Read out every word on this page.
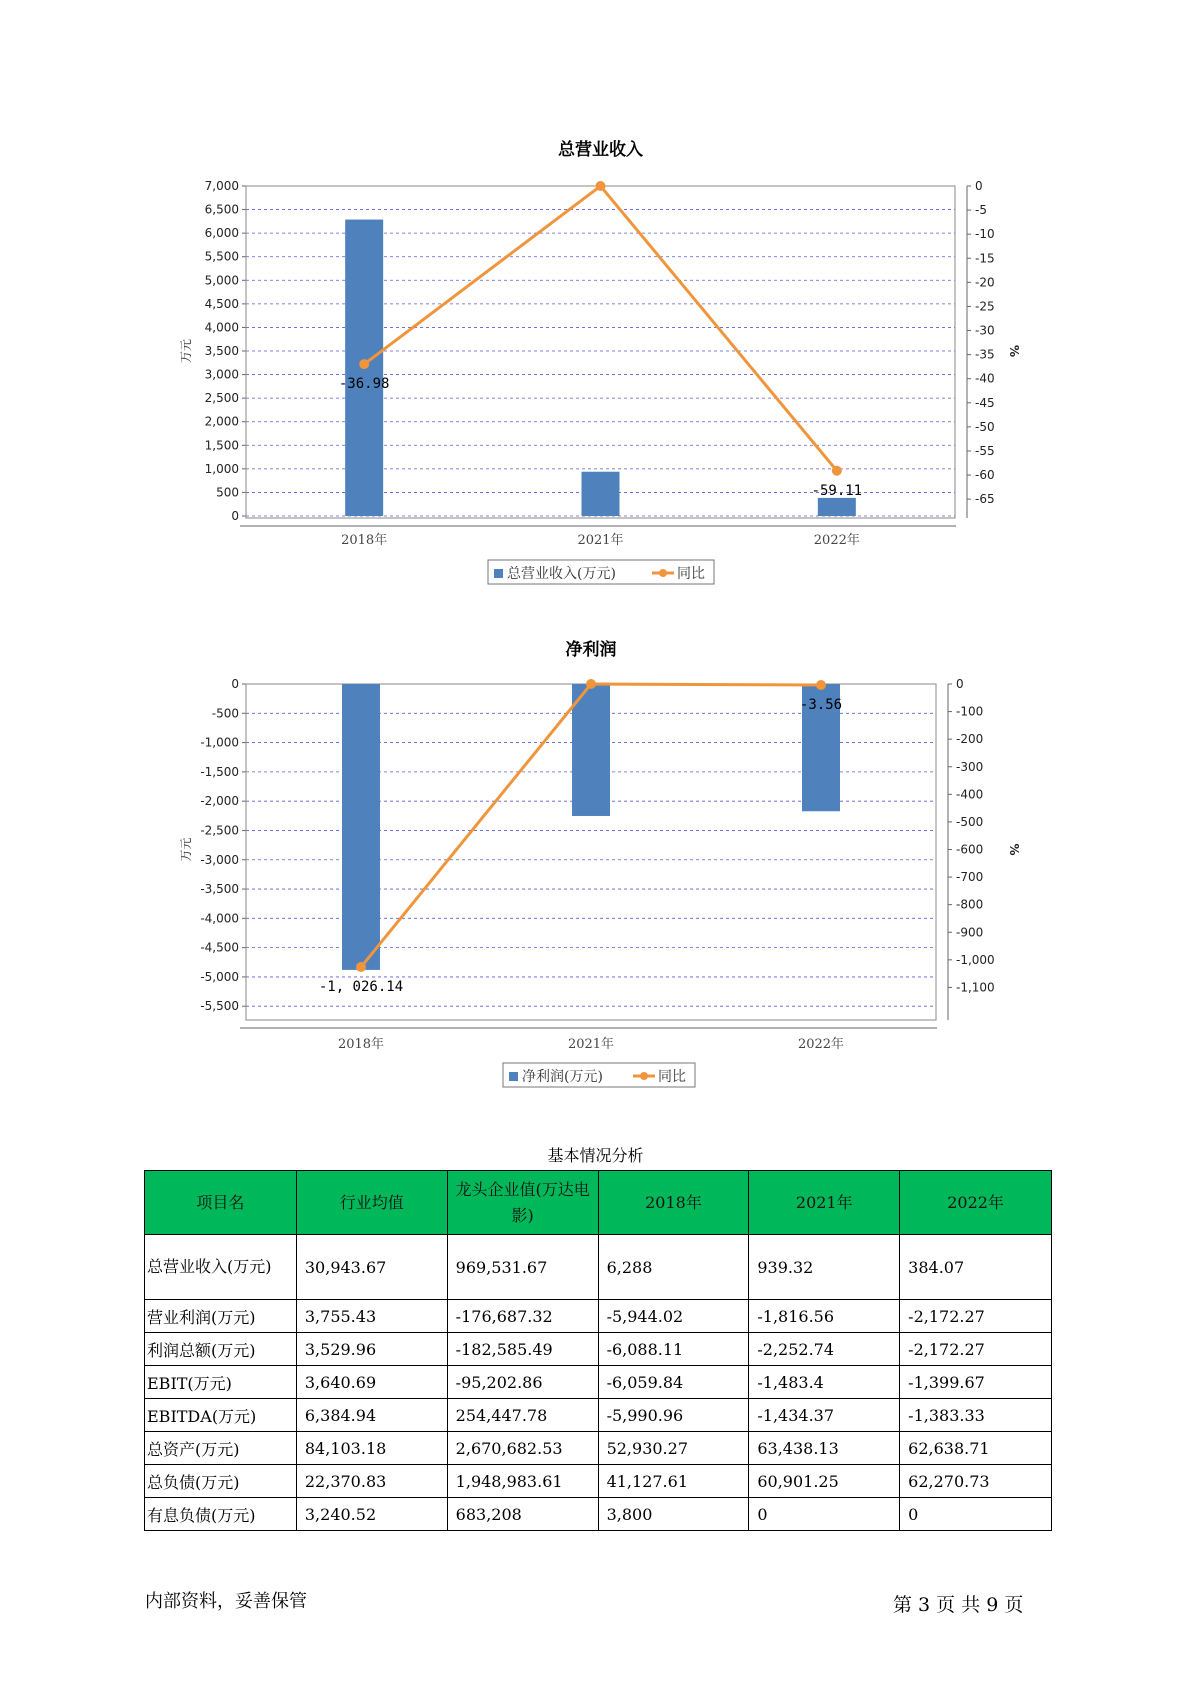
总营业收入
0
500
1,000
1,500
2,000
2,500
3,000
3,500
4,000
4,500
5,000
5,500
6,000
6,500
7,000	0
-5
-10
-15
-20
-25
-30
-35
-40
-45
-50
-55
-60
-65
万元	%
2018年	2021年	2022年
-36.98
-59.11
总营业收入(万元)	同比
净利润
0
-500
-1,000
-1,500
-2,000
-2,500
-3,000
-3,500
-4,000
-4,500
-5,000
-5,500
0
-100
-200
-300
-400
-500
-600
-700
-800
-900
-1,000
-1,100
万元	%
2018年	2021年	2022年
-1, 026.14
-3.56
净利润(万元)	同比
基本情况分析
项目名	行业均值	龙头企业值(万达电影)	2018年	2021年	2022年
总营业收入(万元)	30,943.67	969,531.67	6,288	939.32	384.07
营业利润(万元)	3,755.43	-176,687.32	-5,944.02	-1,816.56	-2,172.27
利润总额(万元)	3,529.96	-182,585.49	-6,088.11	-2,252.74	-2,172.27
EBIT(万元)	3,640.69	-95,202.86	-6,059.84	-1,483.4	-1,399.67
EBITDA(万元)	6,384.94	254,447.78	-5,990.96	-1,434.37	-1,383.33
总资产(万元)	84,103.18	2,670,682.53	52,930.27	63,438.13	62,638.71
总负债(万元)	22,370.83	1,948,983.61	41,127.61	60,901.25	62,270.73
有息负债(万元)	3,240.52	683,208	3,800	0	0
内部资料，妥善保管	第 3 页 共 9 页
